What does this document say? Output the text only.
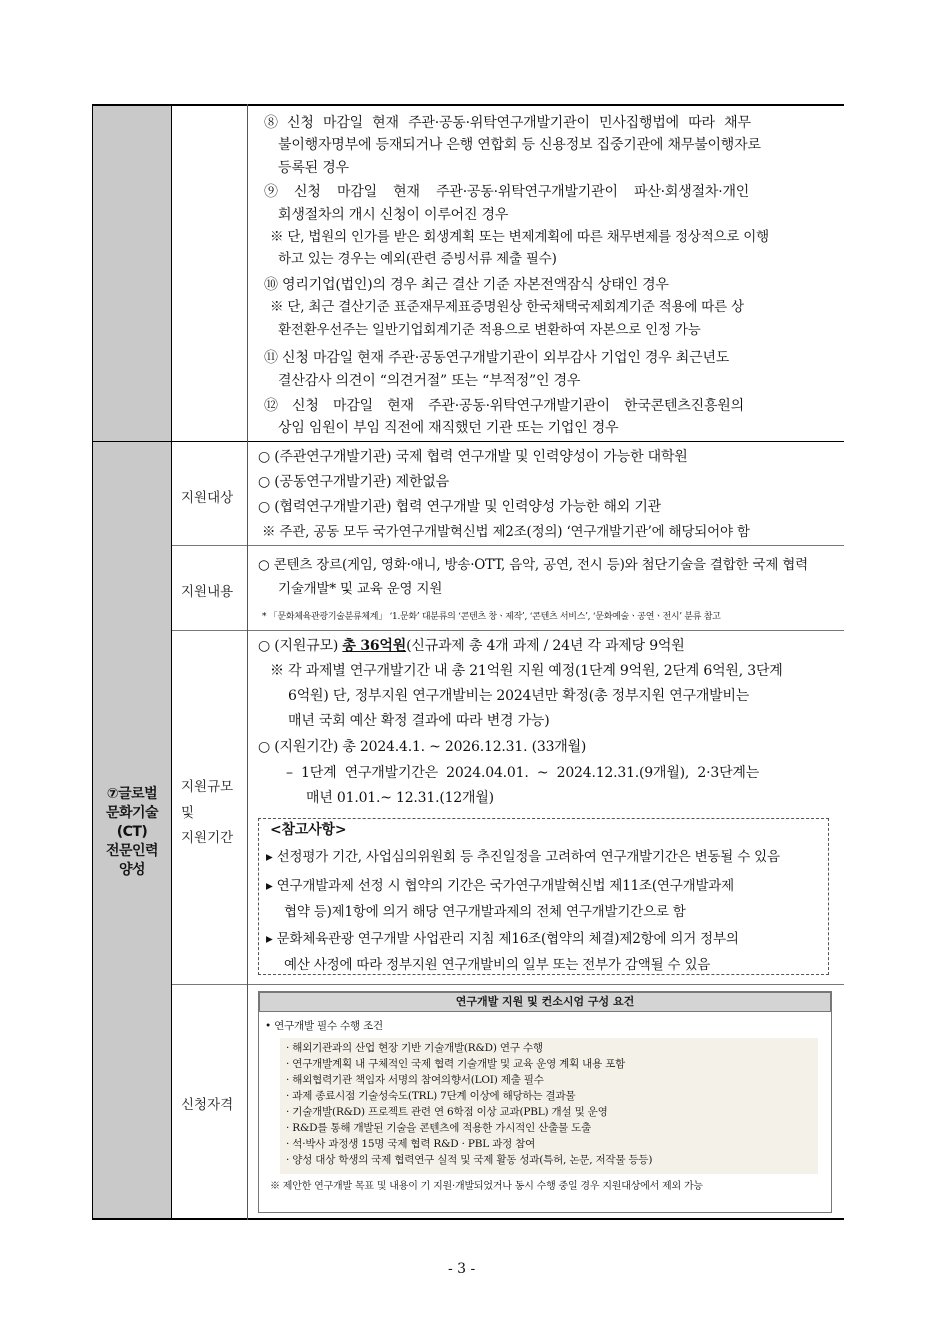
⑧ 신청 마감일 현재 주관·공동·위탁연구개발기관이 민사집행법에 따라 채무
불이행자명부에 등재되거나 은행 연합회 등 신용정보 집중기관에 채무불이행자로
등록된 경우
⑨ 신청 마감일 현재 주관·공동·위탁연구개발기관이 파산·회생절차·개인
회생절차의 개시 신청이 이루어진 경우
※ 단, 법원의 인가를 받은 회생계획 또는 변제계획에 따른 채무변제를 정상적으로 이행
하고 있는 경우는 예외(관련 증빙서류 제출 필수)
⑩ 영리기업(법인)의 경우 최근 결산 기준 자본전액잠식 상태인 경우
※ 단, 최근 결산기준 표준재무제표증명원상 한국채택국제회계기준 적용에 따른 상
환전환우선주는 일반기업회계기준 적용으로 변환하여 자본으로 인정 가능
⑪ 신청 마감일 현재 주관·공동연구개발기관이 외부감사 기업인 경우 최근년도
결산감사 의견이 “의견거절” 또는 “부적정”인 경우
⑫ 신청 마감일 현재 주관·공동·위탁연구개발기관이 한국콘텐츠진흥원의
상임 임원이 부임 직전에 재직했던 기관 또는 기업인 경우
⑦글로벌
문화기술
(CT)
전문인력
양성
지원대상
○ (주관연구개발기관) 국제 협력 연구개발 및 인력양성이 가능한 대학원
○ (공동연구개발기관) 제한없음
○ (협력연구개발기관) 협력 연구개발 및 인력양성 가능한 해외 기관
※ 주관, 공동 모두 국가연구개발혁신법 제2조(정의) ‘연구개발기관’에 해당되어야 함
지원내용
○ 콘텐츠 장르(게임, 영화·애니, 방송·OTT, 음악, 공연, 전시 등)와 첨단기술을 결합한 국제 협력
기술개발* 및 교육 운영 지원
* 「문화체육관광기술분류체계」 ‘1.문화’ 대분류의 ‘콘텐츠 창ㆍ제작’, ‘콘텐츠 서비스’, ‘문화예술ㆍ공연ㆍ전시’ 분류 참고
지원규모
및
지원기간
○ (지원규모) 총 36억원(신규과제 총 4개 과제 / 24년 각 과제당 9억원
※ 각 과제별 연구개발기간 내 총 21억원 지원 예정(1단계 9억원, 2단계 6억원, 3단계
6억원) 단, 정부지원 연구개발비는 2024년만 확정(총 정부지원 연구개발비는
매년 국회 예산 확정 결과에 따라 변경 가능)
○ (지원기간) 총 2024.4.1. ~ 2026.12.31. (33개월)
– 1단계 연구개발기간은 2024.04.01. ~ 2024.12.31.(9개월), 2·3단계는
매년 01.01.~ 12.31.(12개월)
<참고사항>
▸ 선정평가 기간, 사업심의위원회 등 추진일정을 고려하여 연구개발기간은 변동될 수 있음
▸ 연구개발과제 선정 시 협약의 기간은 국가연구개발혁신법 제11조(연구개발과제
협약 등)제1항에 의거 해당 연구개발과제의 전체 연구개발기간으로 함
▸ 문화체육관광 연구개발 사업관리 지침 제16조(협약의 체결)제2항에 의거 정부의
예산 사정에 따라 정부지원 연구개발비의 일부 또는 전부가 감액될 수 있음
신청자격
연구개발 지원 및 컨소시엄 구성 요건
• 연구개발 필수 수행 조건
· 해외기관과의 산업 현장 기반 기술개발(R&D) 연구 수행
· 연구개발계획 내 구체적인 국제 협력 기술개발 및 교육 운영 계획 내용 포함
· 해외협력기관 책임자 서명의 참여의향서(LOI) 제출 필수
· 과제 종료시점 기술성숙도(TRL) 7단계 이상에 해당하는 결과물
· 기술개발(R&D) 프로젝트 관련 연 6학점 이상 교과(PBL) 개설 및 운영
· R&D를 통해 개발된 기술을 콘텐츠에 적용한 가시적인 산출물 도출
· 석·박사 과정생 15명 국제 협력 R&D · PBL 과정 참여
· 양성 대상 학생의 국제 협력연구 실적 및 국제 활동 성과(특허, 논문, 저작물 등등)
※ 제안한 연구개발 목표 및 내용이 기 지원·개발되었거나 동시 수행 중일 경우 지원대상에서 제외 가능
- 3 -
